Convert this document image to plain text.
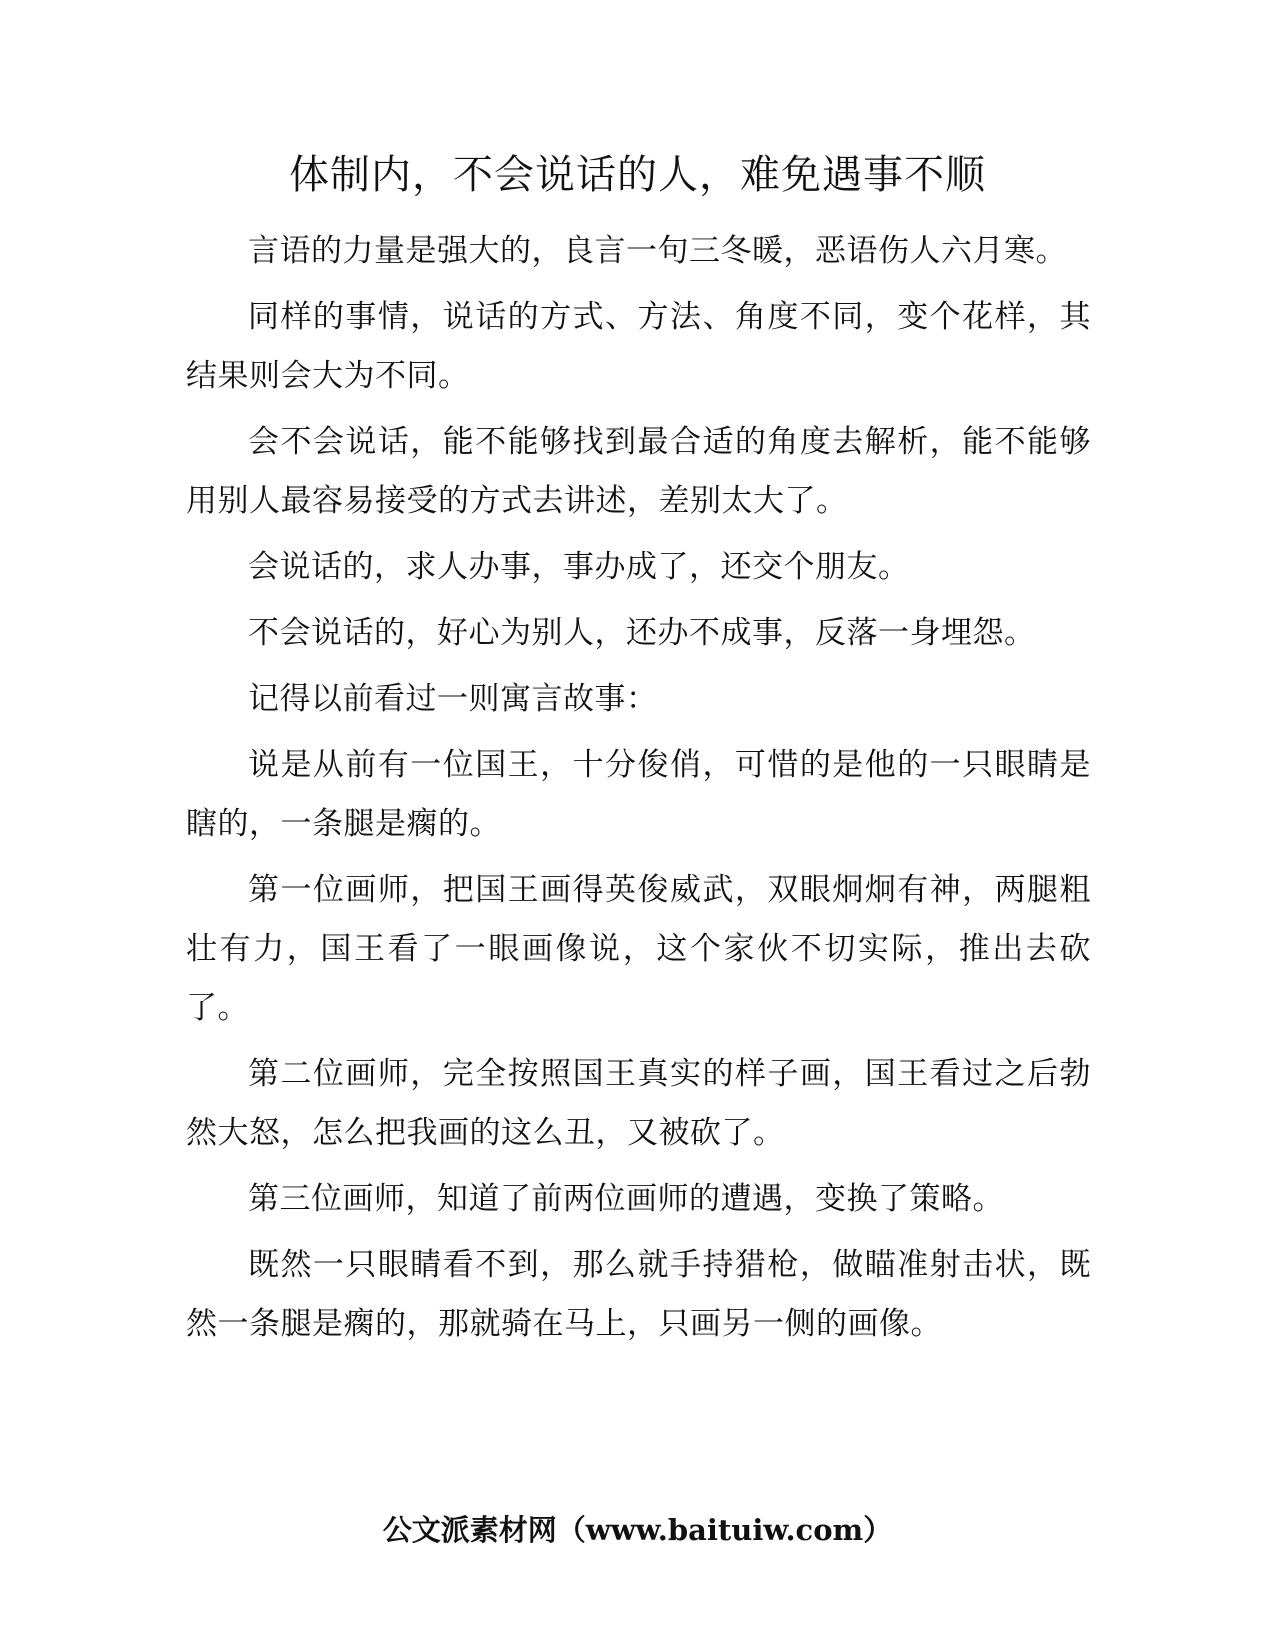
体制内，不会说话的人，难免遇事不顺

言语的力量是强大的，良言一句三冬暖，恶语伤人六月寒。

同样的事情，说话的方式、方法、角度不同，变个花样，其结果则会大为不同。

会不会说话，能不能够找到最合适的角度去解析，能不能够用别人最容易接受的方式去讲述，差别太大了。

会说话的，求人办事，事办成了，还交个朋友。

不会说话的，好心为别人，还办不成事，反落一身埋怨。

记得以前看过一则寓言故事：

说是从前有一位国王，十分俊俏，可惜的是他的一只眼睛是瞎的，一条腿是瘸的。

第一位画师，把国王画得英俊威武，双眼炯炯有神，两腿粗壮有力，国王看了一眼画像说，这个家伙不切实际，推出去砍了。

第二位画师，完全按照国王真实的样子画，国王看过之后勃然大怒，怎么把我画的这么丑，又被砍了。

第三位画师，知道了前两位画师的遭遇，变换了策略。

既然一只眼睛看不到，那么就手持猎枪，做瞄准射击状，既然一条腿是瘸的，那就骑在马上，只画另一侧的画像。

公文派素材网（www.baituiw.com）
